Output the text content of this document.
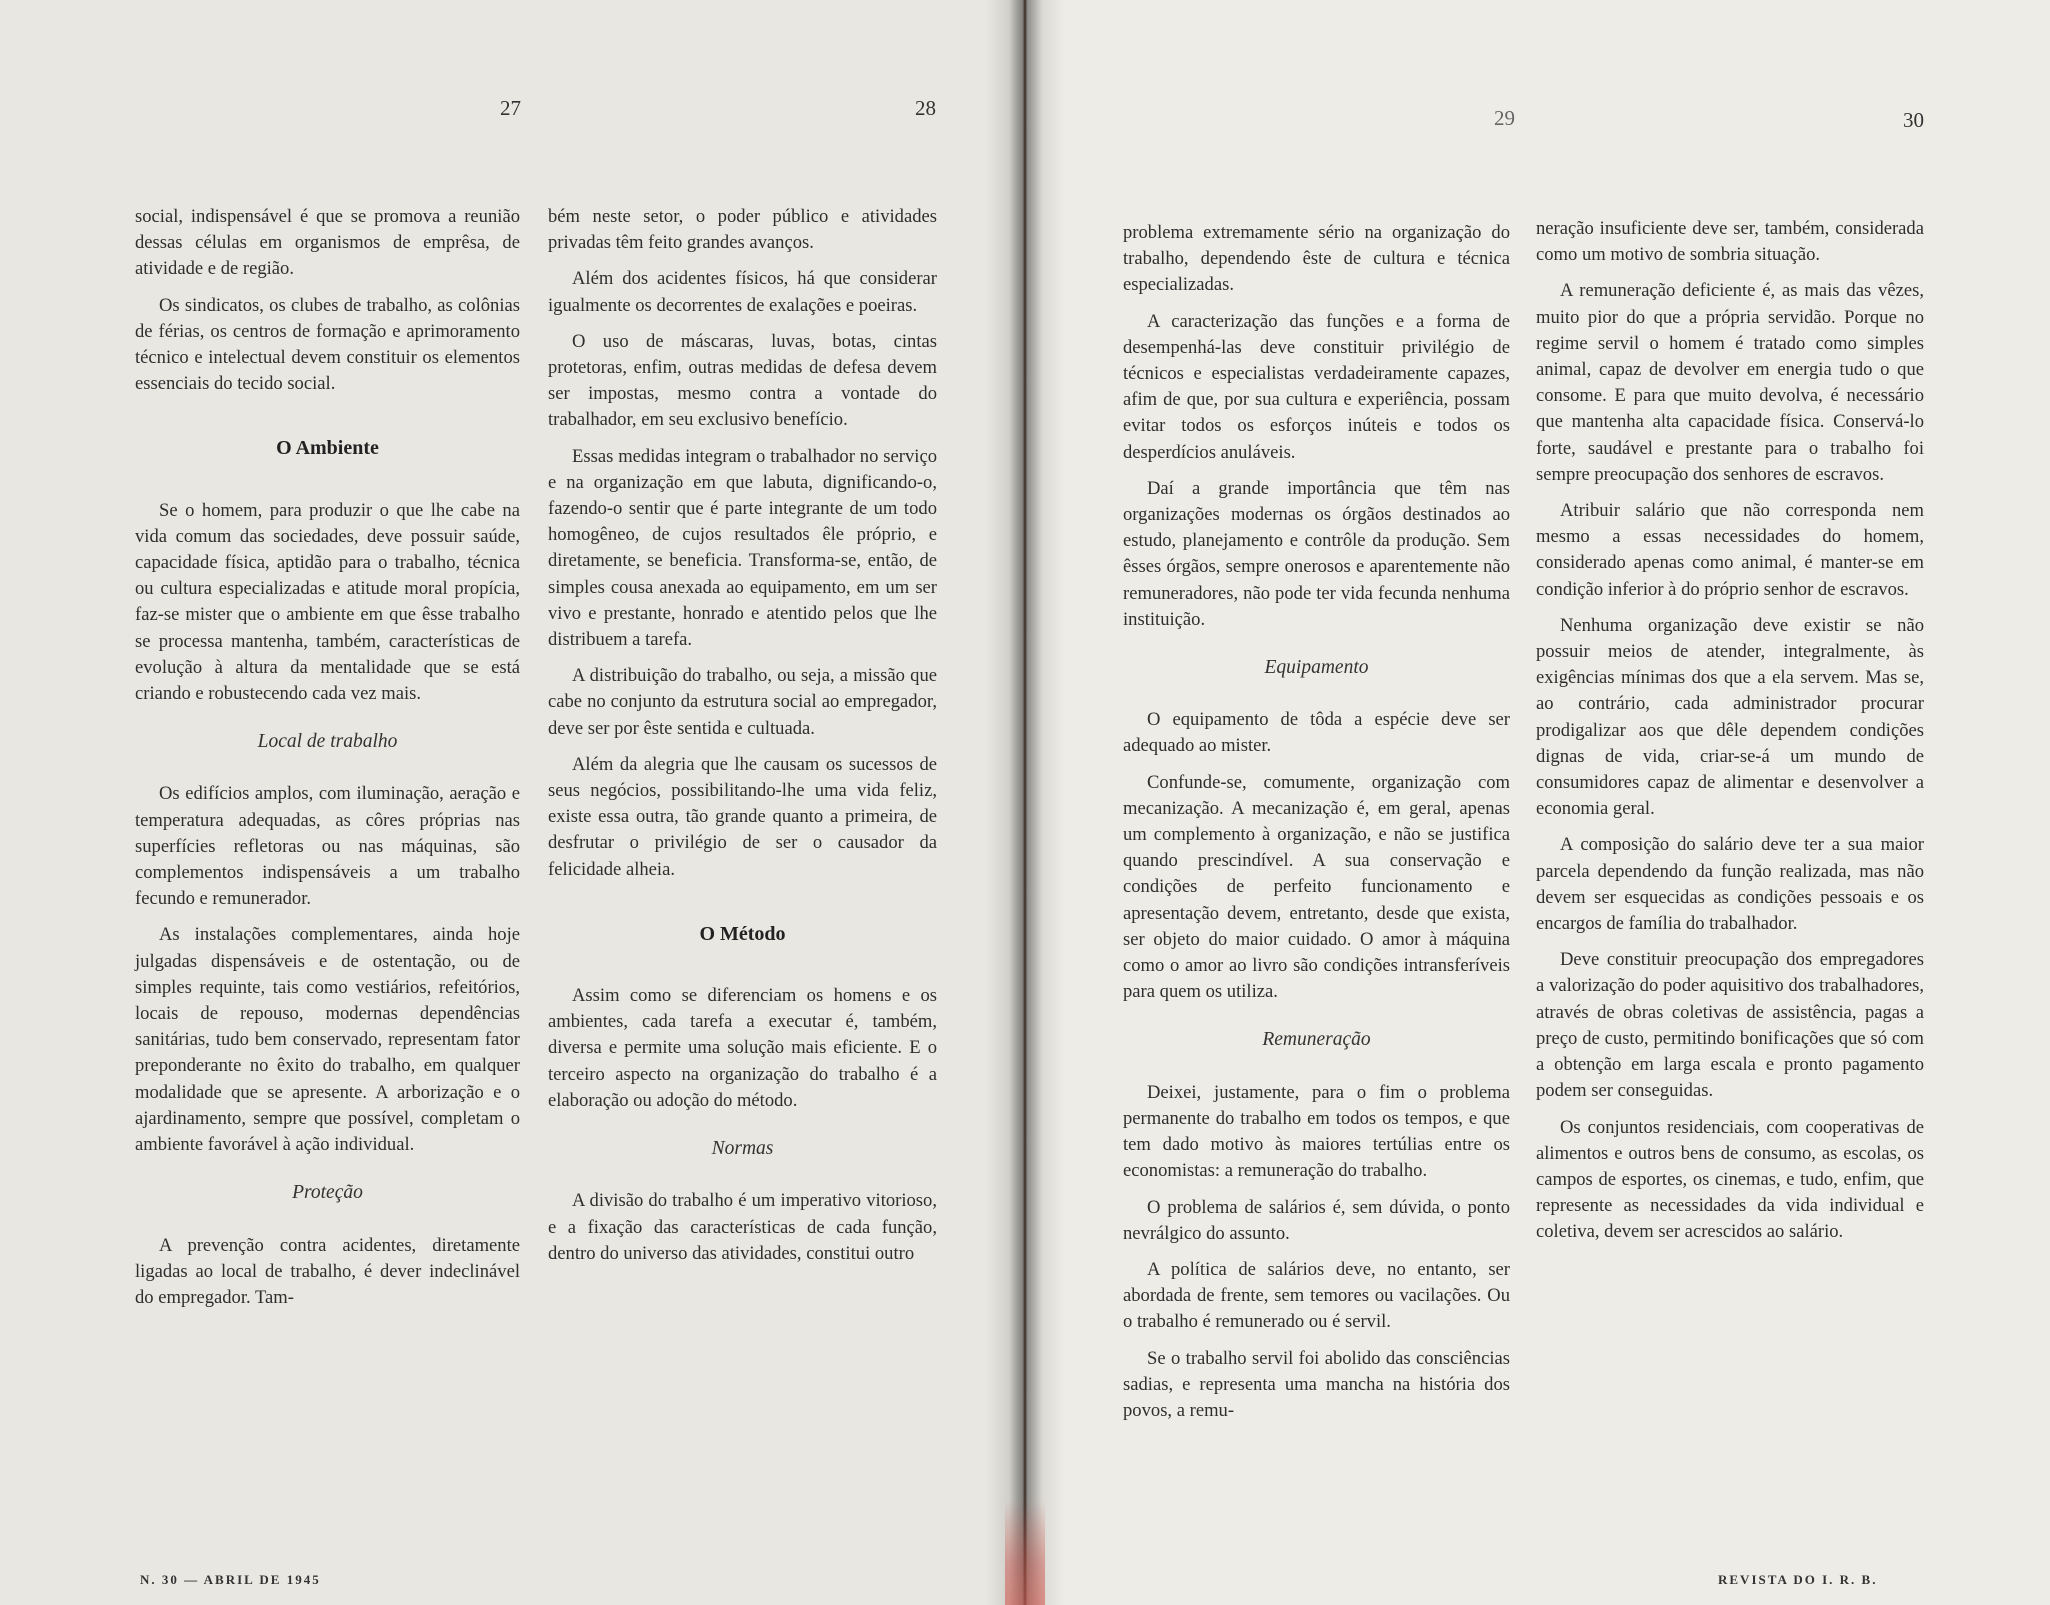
27	28	29	30

social, indispensável é que se promova a reunião dessas células em organismos de emprêsa, de atividade e de região.

Os sindicatos, os clubes de trabalho, as colônias de férias, os centros de formação e aprimoramento técnico e intelectual devem constituir os elementos essenciais do tecido social.

O Ambiente

Se o homem, para produzir o que lhe cabe na vida comum das sociedades, deve possuir saúde, capacidade física, aptidão para o trabalho, técnica ou cultura especializadas e atitude moral propícia, faz-se mister que o ambiente em que êsse trabalho se processa mantenha, também, características de evolução à altura da mentalidade que se está criando e robustecendo cada vez mais.

Local de trabalho

Os edifícios amplos, com iluminação, aeração e temperatura adequadas, as côres próprias nas superfícies refletoras ou nas máquinas, são complementos indispensáveis a um trabalho fecundo e remunerador.

As instalações complementares, ainda hoje julgadas dispensáveis e de ostentação, ou de simples requinte, tais como vestiários, refeitórios, locais de repouso, modernas dependências sanitárias, tudo bem conservado, representam fator preponderante no êxito do trabalho, em qualquer modalidade que se apresente. A arborização e o ajardinamento, sempre que possível, completam o ambiente favorável à ação individual.

Proteção

A prevenção contra acidentes, diretamente ligadas ao local de trabalho, é dever indeclinável do empregador. Tam-

bém neste setor, o poder público e atividades privadas têm feito grandes avanços.

Além dos acidentes físicos, há que considerar igualmente os decorrentes de exalações e poeiras.

O uso de máscaras, luvas, botas, cintas protetoras, enfim, outras medidas de defesa devem ser impostas, mesmo contra a vontade do trabalhador, em seu exclusivo benefício.

Essas medidas integram o trabalhador no serviço e na organização em que labuta, dignificando-o, fazendo-o sentir que é parte integrante de um todo homogêneo, de cujos resultados êle próprio, e diretamente, se beneficia. Transforma-se, então, de simples cousa anexada ao equipamento, em um ser vivo e prestante, honrado e atentido pelos que lhe distribuem a tarefa.

A distribuição do trabalho, ou seja, a missão que cabe no conjunto da estrutura social ao empregador, deve ser por êste sentida e cultuada.

Além da alegria que lhe causam os sucessos de seus negócios, possibilitando-lhe uma vida feliz, existe essa outra, tão grande quanto a primeira, de desfrutar o privilégio de ser o causador da felicidade alheia.

O Método

Assim como se diferenciam os homens e os ambientes, cada tarefa a executar é, também, diversa e permite uma solução mais eficiente. E o terceiro aspecto na organização do trabalho é a elaboração ou adoção do método.

Normas

A divisão do trabalho é um imperativo vitorioso, e a fixação das características de cada função, dentro do universo das atividades, constitui outro

problema extremamente sério na organização do trabalho, dependendo êste de cultura e técnica especializadas.

A caracterização das funções e a forma de desempenhá-las deve constituir privilégio de técnicos e especialistas verdadeiramente capazes, afim de que, por sua cultura e experiência, possam evitar todos os esforços inúteis e todos os desperdícios anuláveis.

Daí a grande importância que têm nas organizações modernas os órgãos destinados ao estudo, planejamento e contrôle da produção. Sem êsses órgãos, sempre onerosos e aparentemente não remuneradores, não pode ter vida fecunda nenhuma instituição.

Equipamento

O equipamento de tôda a espécie deve ser adequado ao mister.

Confunde-se, comumente, organização com mecanização. A mecanização é, em geral, apenas um complemento à organização, e não se justifica quando prescindível. A sua conservação e condições de perfeito funcionamento e apresentação devem, entretanto, desde que exista, ser objeto do maior cuidado. O amor à máquina como o amor ao livro são condições intransferíveis para quem os utiliza.

Remuneração

Deixei, justamente, para o fim o problema permanente do trabalho em todos os tempos, e que tem dado motivo às maiores tertúlias entre os economistas: a remuneração do trabalho.

O problema de salários é, sem dúvida, o ponto nevrálgico do assunto.

A política de salários deve, no entanto, ser abordada de frente, sem temores ou vacilações. Ou o trabalho é remunerado ou é servil.

Se o trabalho servil foi abolido das consciências sadias, e representa uma mancha na história dos povos, a remu-

neração insuficiente deve ser, também, considerada como um motivo de sombria situação.

A remuneração deficiente é, as mais das vêzes, muito pior do que a própria servidão. Porque no regime servil o homem é tratado como simples animal, capaz de devolver em energia tudo o que consome. E para que muito devolva, é necessário que mantenha alta capacidade física. Conservá-lo forte, saudável e prestante para o trabalho foi sempre preocupação dos senhores de escravos.

Atribuir salário que não corresponda nem mesmo a essas necessidades do homem, considerado apenas como animal, é manter-se em condição inferior à do próprio senhor de escravos.

Nenhuma organização deve existir se não possuir meios de atender, integralmente, às exigências mínimas dos que a ela servem. Mas se, ao contrário, cada administrador procurar prodigalizar aos que dêle dependem condições dignas de vida, criar-se-á um mundo de consumidores capaz de alimentar e desenvolver a economia geral.

A composição do salário deve ter a sua maior parcela dependendo da função realizada, mas não devem ser esquecidas as condições pessoais e os encargos de família do trabalhador.

Deve constituir preocupação dos empregadores a valorização do poder aquisitivo dos trabalhadores, através de obras coletivas de assistência, pagas a preço de custo, permitindo bonificações que só com a obtenção em larga escala e pronto pagamento podem ser conseguidas.

Os conjuntos residenciais, com cooperativas de alimentos e outros bens de consumo, as escolas, os campos de esportes, os cinemas, e tudo, enfim, que represente as necessidades da vida individual e coletiva, devem ser acrescidos ao salário.

N. 30 — ABRIL DE 1945	REVISTA DO I. R. B.
